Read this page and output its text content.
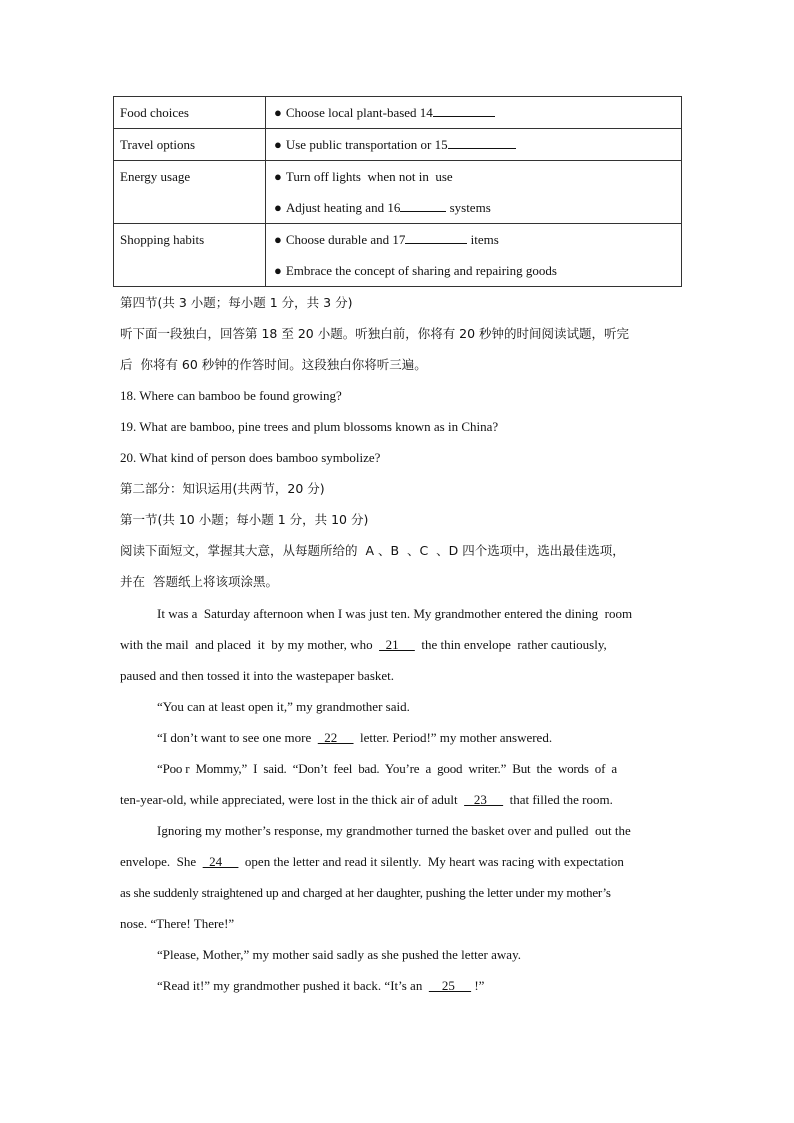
Food choices	● Choose local plant-based 14

Travel options	● Use public transportation or 15

Energy usage	● Turn off lights  when not in  use
● Adjust heating and 16 systems

Shopping habits	● Choose durable and 17 items
● Embrace the concept of sharing and repairing goods
第四节(共 3 小题；每小题 1 分，共 3 分)
听下面一段独白，回答第 18 至 20 小题。听独白前，你将有 20 秒钟的时间阅读试题，听完
后  你将有 60 秒钟的作答时间。这段独白你将听三遍。
18. Where can bamboo be found growing?
19. What are bamboo, pine trees and plum blossoms known as in China?
20. What kind of person does bamboo symbolize?
第二部分：知识运用(共两节，20 分)
第一节(共 10 小题；每小题 1 分，共 10 分)
阅读下面短文，掌握其大意，从每题所给的  A 、B  、C  、D 四个选项中，选出最佳选项，
并在  答题纸上将该项涂黑。
It was a  Saturday afternoon when I was just ten. My grandmother entered the dining  room
with the mail  and placed  it  by my mother, who    21       the thin envelope  rather cautiously,
paused and then tossed it into the wastepaper basket.
“You can at least open it,” my grandmother said.
“I don’t want to see one more    22       letter. Period!” my mother answered.
“Poo r  Mommy,”  I  said.  “Don’t  feel  bad.  You’re  a  good  writer.”  But  the  words  of  a
ten-year-old, while appreciated, were lost in the thick air of adult     23       that filled the room.
Ignoring my mother’s response, my grandmother turned the basket over and pulled  out the
envelope.  She    24       open the letter and read it silently.  My heart was racing with expectation
as she suddenly straightened up and charged at her daughter, pushing the letter under my mother’s
nose. “There! There!”
“Please, Mother,” my mother said sadly as she pushed the letter away.
“Read it!” my grandmother pushed it back. “It’s an      25      !”
